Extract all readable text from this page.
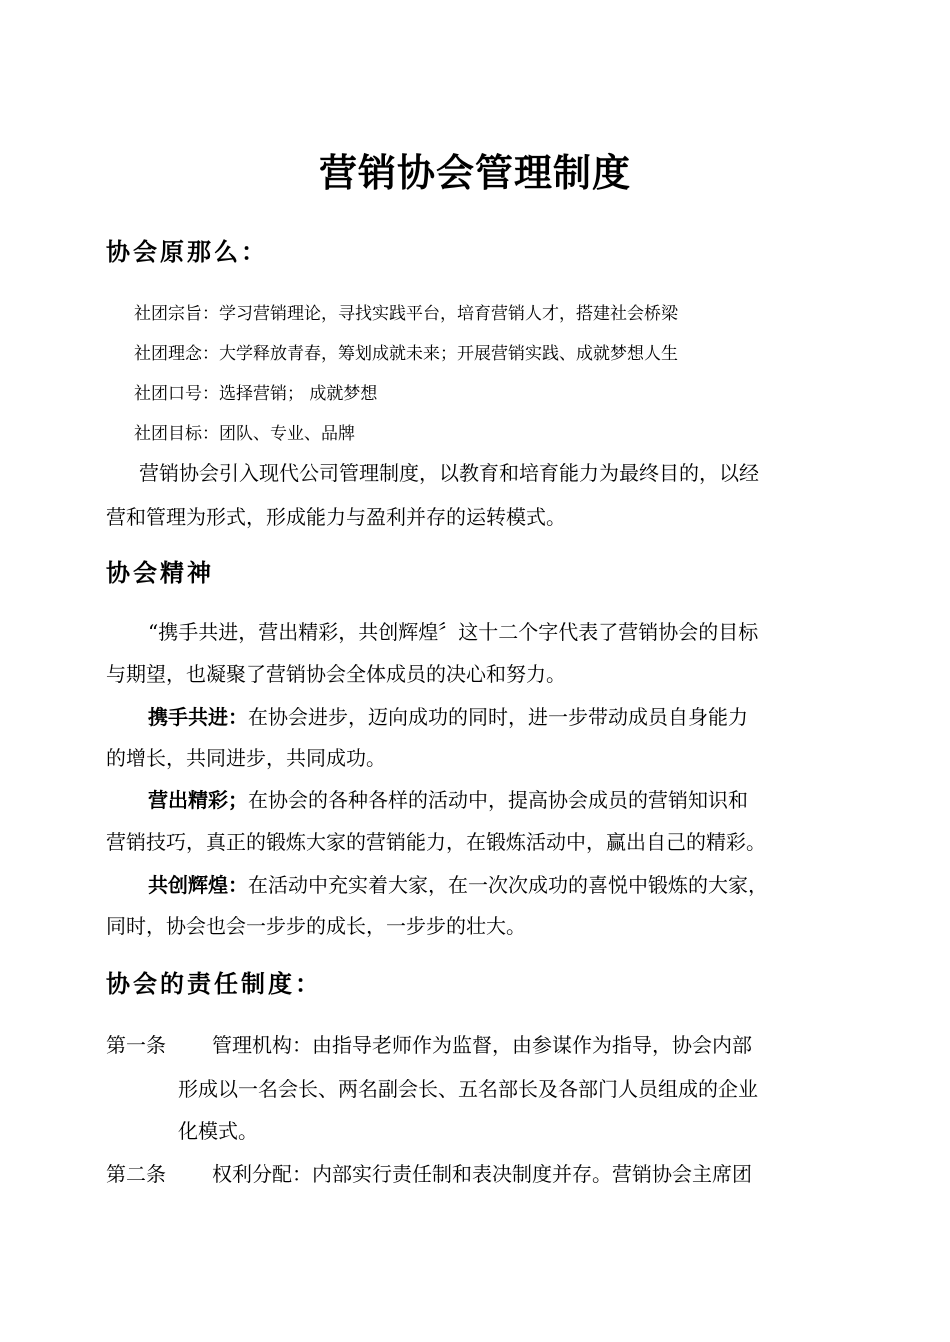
营销协会管理制度
协会原那么：
社团宗旨：学习营销理论，寻找实践平台，培育营销人才，搭建社会桥梁
社团理念：大学释放青春，筹划成就未来；开展营销实践、成就梦想人生
社团口号：选择营销； 成就梦想
社团目标：团队、专业、品牌
营销协会引入现代公司管理制度，以教育和培育能力为最终目的，以经
营和管理为形式，形成能力与盈利并存的运转模式。
协会精神
“携手共进，营出精彩，共创辉煌〞这十二个字代表了营销协会的目标
与期望，也凝聚了营销协会全体成员的决心和努力。
携手共进：在协会进步，迈向成功的同时，进一步带动成员自身能力
的增长，共同进步，共同成功。
营出精彩；在协会的各种各样的活动中，提高协会成员的营销知识和
营销技巧，真正的锻炼大家的营销能力，在锻炼活动中，赢出自己的精彩。
共创辉煌：在活动中充实着大家，在一次次成功的喜悦中锻炼的大家，
同时，协会也会一步步的成长，一步步的壮大。
协会的责任制度：
第一条 管理机构：由指导老师作为监督，由参谋作为指导，协会内部
形成以一名会长、两名副会长、五名部长及各部门人员组成的企业
化模式。
第二条 权利分配：内部实行责任制和表决制度并存。营销协会主席团
